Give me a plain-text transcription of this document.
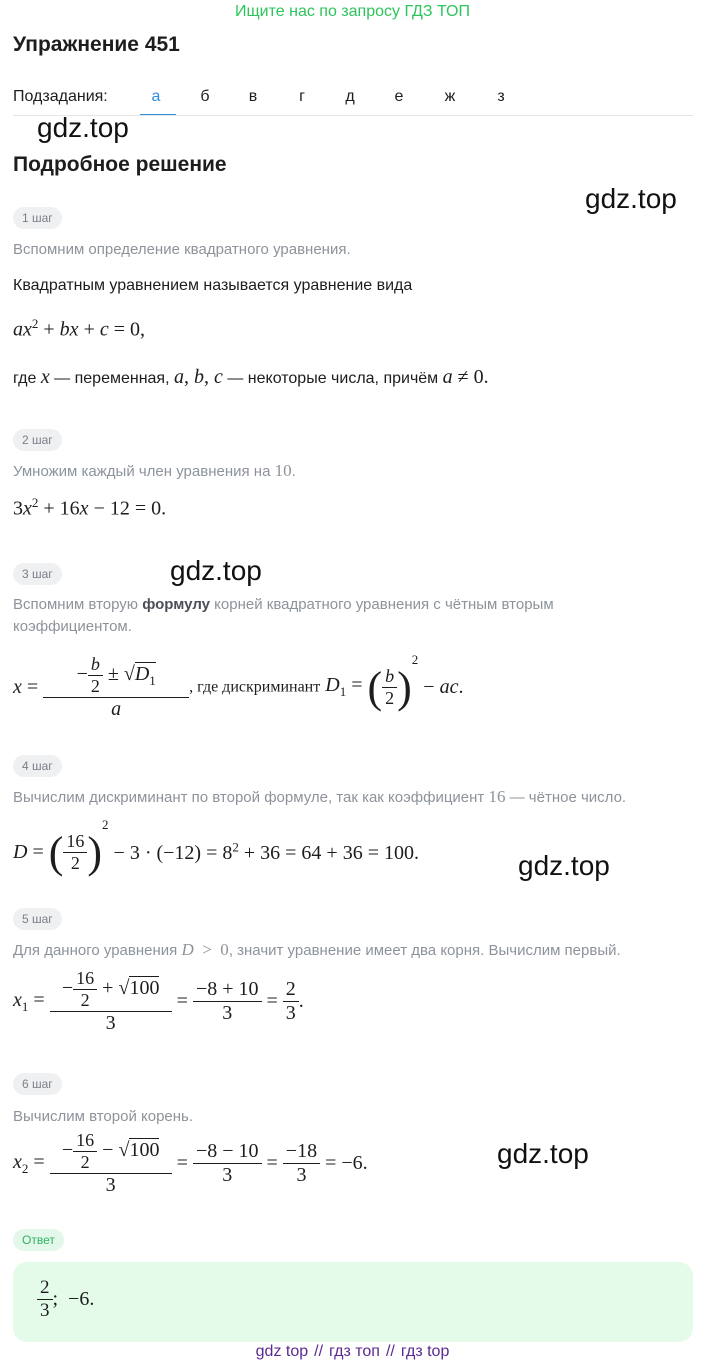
Ищите нас по запросу ГДЗ ТОП
Упражнение 451
Подзадания:	а	б	в	г	д	е	ж	з
gdz.top
gdz.top
gdz.top
gdz.top
gdz.top
Подробное решение
1 шаг
Вспомним определение квадратного уравнения.
Квадратным уравнением называется уравнение вида
$ax^2$ + bx + c = 0,
где x — переменная, a, b, c — некоторые числа, причём a ≠ 0.
2 шаг
Умножим каждый член уравнения на 10.
$3x^2 + 16x - 12 = 0$.
3 шаг
Вспомним вторую формулу корней квадратного уравнения с чётным вторым
коэффициентом.
$x = \frac{- \frac{b}{2} \pm √D_1}{a}$ , где дискриминант $D_1$ = ( $\frac{b}{2} )^2$ − ac.
4 шаг
Вычислим дискриминант по второй формуле, так как коэффициент 16 — чётное число.
D = ( $\frac{16}{2} )^2 - 3 \cdot (-12) = 8^2 + 36 = 64 + 36 = 100$.
5 шаг
Для данного уравнения D  >  0, значит уравнение имеет два корня. Вычислим первый.
$x_1 = \frac{- \frac{16}{2} + √100}{3} = \frac{-8 + 10}{3} = \frac{2}{3}$ .
6 шаг
Вычислим второй корень.
$x_2 = \frac{- \frac{16}{2} - √100}{3} = \frac{-8 - 10}{3} = \frac{-18}{3} = -6$.
Ответ
$\frac{2}{3}$ ;  −6.
gdz top // гдз топ // гдз top
